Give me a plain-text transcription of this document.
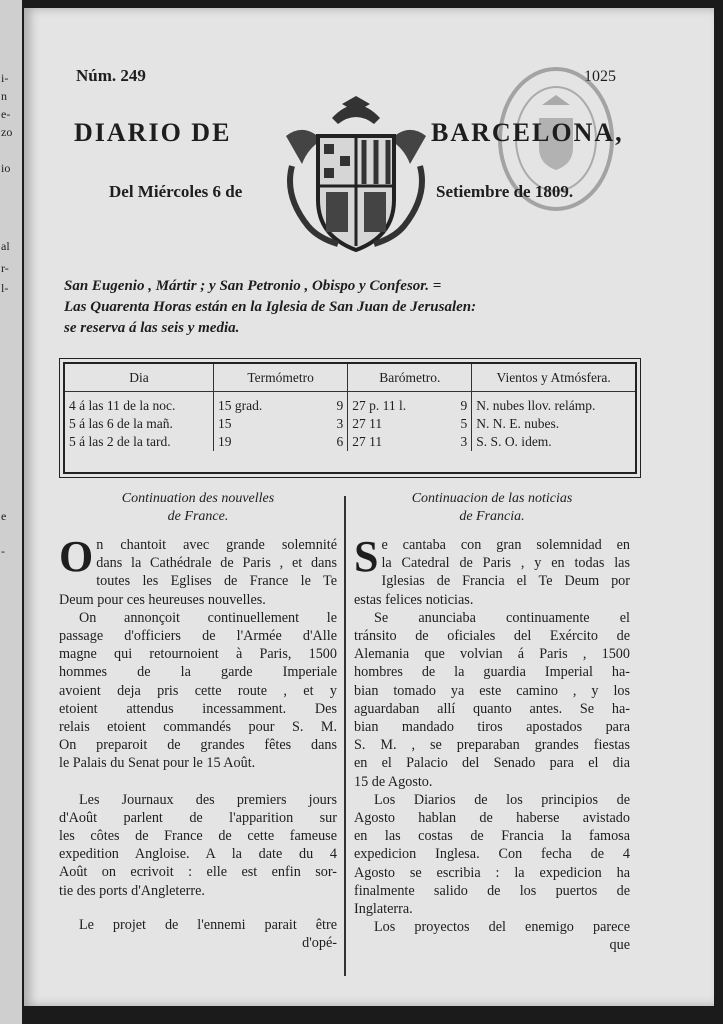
i-
n
e-
zo
io
al
r-
l-
e
-
Núm. 249	1025
DIARIO DE	BARCELONA,
Del Miércoles 6 de	Setiembre de 1809.
San Eugenio , Mártir ; y San Petronio , Obispo y Confesor. =
Las Quarenta Horas están en la Iglesia de San Juan de Jerusalen:
se reserva á las seis y media.
Dia	Termómetro		Barómetro.		Vientos y Atmósfera.
4 á las 11 de la noc.	15 grad.	9	27 p. 11 l.	9	N. nubes llov. relámp.
5 á las 6 de la mañ.	15	3	27 11	5	N. N. E. nubes.
5 á las 2 de la tard.	19	6	27 11	3	S. S. O. idem.
Continuation des nouvelles
de France.
O n chantoit avec grande solemnité
dans la Cathédrale de Paris , et dans
toutes les Eglises de France le Te
Deum pour ces heureuses nouvelles.
On annonçoit continuellement le
passage d'officiers de l'Armée d'Alle
magne qui retournoient à Paris, 1500
hommes de la garde Imperiale
avoient deja pris cette route , et y
etoient attendus incessamment. Des
relais etoient commandés pour S. M.
On preparoit de grandes fêtes dans
le Palais du Senat pour le 15 Août.
Les Journaux des premiers jours
d'Août parlent de l'apparition sur
les côtes de France de cette fameuse
expedition Angloise. A la date du 4
Août on ecrivoit : elle est enfin sor-
tie des ports d'Angleterre.
Le projet de l'ennemi parait être
d'opé-
Continuacion de las noticias
de Francia.
S e cantaba con gran solemnidad en
la Catedral de Paris , y en todas las
Iglesias de Francia el Te Deum por
estas felices noticias.
Se anunciaba continuamente el
tránsito de oficiales del Exército de
Alemania que volvian á Paris , 1500
hombres de la guardia Imperial ha-
bian tomado ya este camino , y los
aguardaban allí quanto antes. Se ha-
bian mandado tiros apostados para
S. M. , se preparaban grandes fiestas
en el Palacio del Senado para el dia
15 de Agosto.
Los Diarios de los principios de
Agosto hablan de haberse avistado
en las costas de Francia la famosa
expedicion Inglesa. Con fecha de 4
Agosto se escribia : la expedicion ha
finalmente salido de los puertos de
Inglaterra.
Los proyectos del enemigo parece
que
